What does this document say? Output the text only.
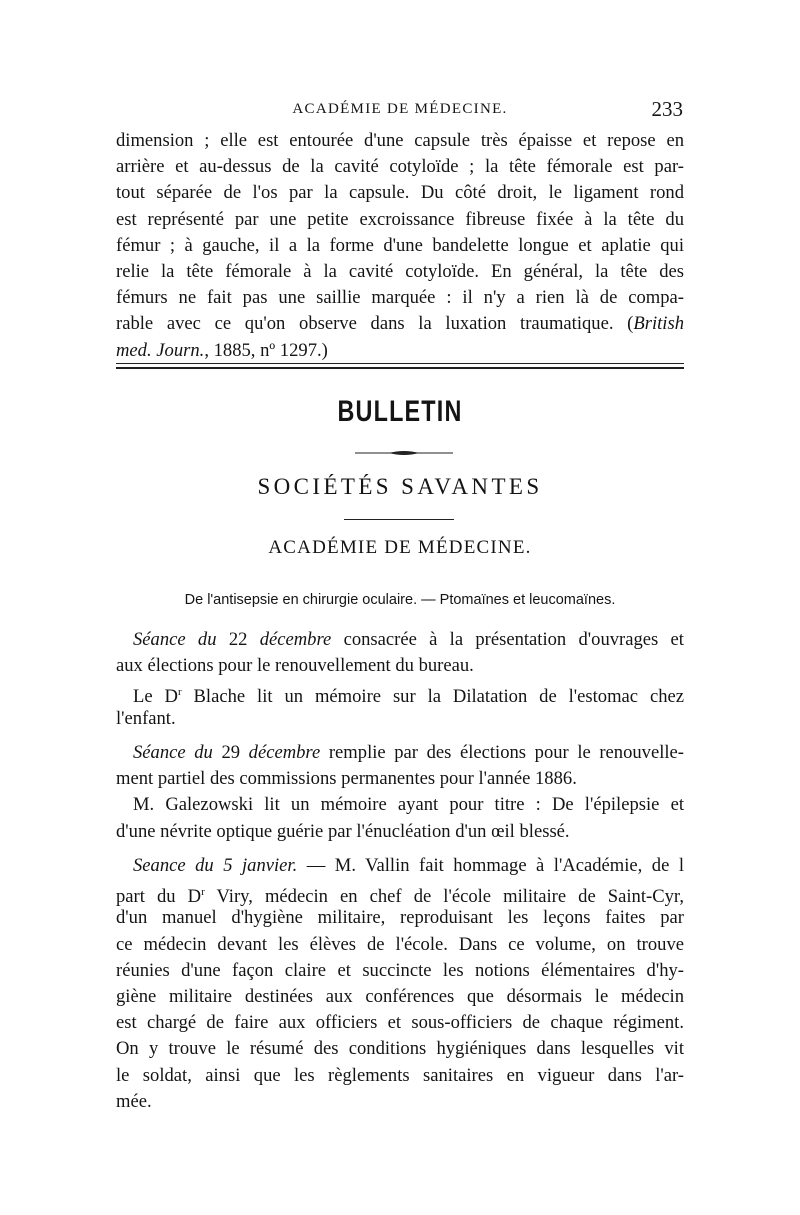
ACADÉMIE DE MÉDECINE.	233

dimension ; elle est entourée d'une capsule très épaisse et repose en
arrière et au-dessus de la cavité cotyloïde ; la tête fémorale est par-
tout séparée de l'os par la capsule. Du côté droit, le ligament rond
est représenté par une petite excroissance fibreuse fixée à la tête du
fémur ; à gauche, il a la forme d'une bandelette longue et aplatie qui
relie la tête fémorale à la cavité cotyloïde. En général, la tête des
fémurs ne fait pas une saillie marquée : il n'y a rien là de compa-
rable avec ce qu'on observe dans la luxation traumatique. (British
med. Journ., 1885, nº 1297.)

BULLETIN
SOCIÉTÉS SAVANTES
ACADÉMIE DE MÉDECINE.
De l'antisepsie en chirurgie oculaire. — Ptomaïnes et leucomaïnes.

Séance du 22 décembre consacrée à la présentation d'ouvrages et
aux élections pour le renouvellement du bureau.
Le $D^r$ Blache lit un mémoire sur la Dilatation de l'estomac chez
l'enfant.

Séance du 29 décembre remplie par des élections pour le renouvelle-
ment partiel des commissions permanentes pour l'année 1886.
M. Galezowski lit un mémoire ayant pour titre : De l'épilepsie et
d'une névrite optique guérie par l'énucléation d'un œil blessé.

Seance du 5 janvier. — M. Vallin fait hommage à l'Académie, de l
part du $D^r$ Viry, médecin en chef de l'école militaire de Saint-Cyr,
d'un manuel d'hygiène militaire, reproduisant les leçons faites par
ce médecin devant les élèves de l'école. Dans ce volume, on trouve
réunies d'une façon claire et succincte les notions élémentaires d'hy-
giène militaire destinées aux conférences que désormais le médecin
est chargé de faire aux officiers et sous-officiers de chaque régiment.
On y trouve le résumé des conditions hygiéniques dans lesquelles vit
le soldat, ainsi que les règlements sanitaires en vigueur dans l'ar-
mée.
